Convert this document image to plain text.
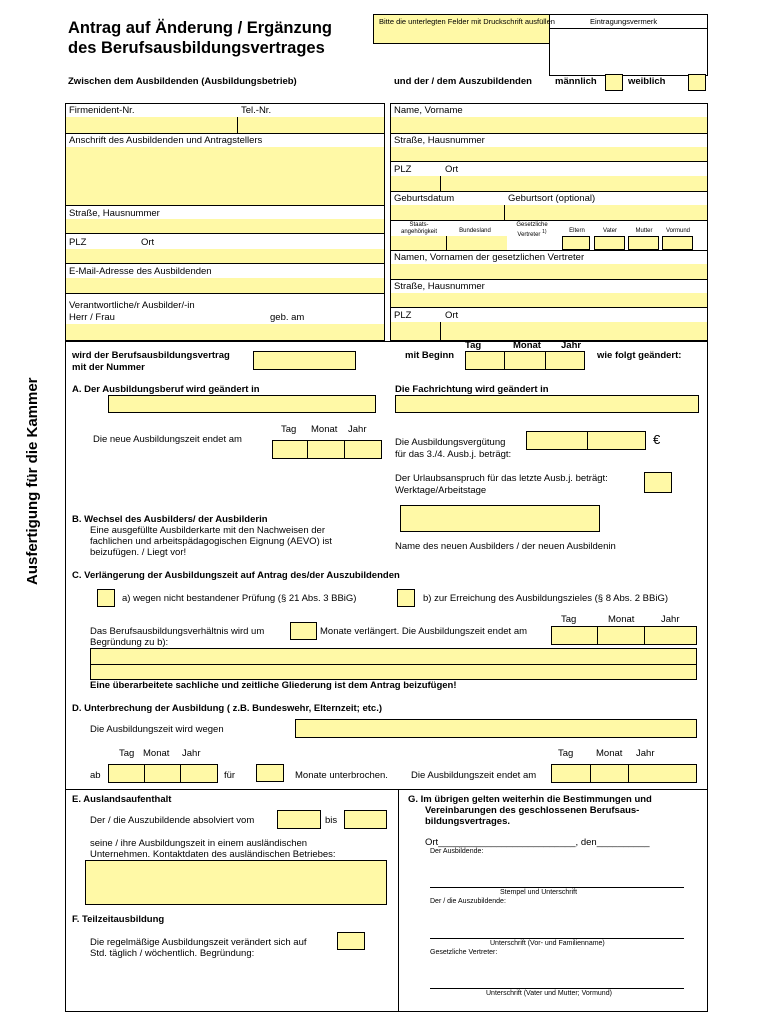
Antrag auf Änderung / Ergänzung
des Berufsausbildungsvertrages
Bitte die unterlegten Felder mit Druckschrift ausfüllen	Eintragungsvermerk
Zwischen dem Ausbildenden (Ausbildungsbetrieb)	und der / dem Auszubildenden männlich	weiblich
Firmenident-Nr.	Tel.-Nr.
Anschrift des Ausbildenden und Antragstellers
Straße, Hausnummer
PLZ	Ort
E-Mail-Adresse des Ausbildenden
Verantwortliche/r Ausbilder/-in
Herr / Frau	geb. am
Name, Vorname
Straße, Hausnummer
PLZ	Ort
Geburtsdatum	Geburtsort (optional)
Staats- angehörigkeit	Bundesland
Gesetzliche Vertreter $^{1)}$	Eltern	Vater	Mutter	Vormund
Namen, Vornamen der gesetzlichen Vertreter
Straße, Hausnummer
PLZ	Ort
Ausfertigung für die Kammer
wird der Berufsausbildungsvertrag
mit der Nummer
mit Beginn
Tag	Monat Jahr
wie folgt geändert:
A. Der Ausbildungsberuf wird geändert in	Die Fachrichtung wird geändert in
Tag Monat Jahr
Die neue Ausbildungszeit endet am	Die Ausbildungsvergütung
für das 3./4. Ausb.j. beträgt:
€
Der Urlaubsanspruch für das letzte Ausb.j. beträgt:
Werktage/Arbeitstage
B. Wechsel des Ausbilders/ der Ausbilderin
Eine ausgefüllte Ausbilderkarte mit den Nachweisen der
fachlichen und arbeitspädagogischen Eignung (AEVO) ist
beizufügen. / Liegt vor!
Name des neuen Ausbilders / der neuen Ausbildenin
C. Verlängerung der Ausbildungszeit auf Antrag des/der Auszubildenden
a) wegen nicht bestandener Prüfung (§ 21 Abs. 3 BBiG)	b) zur Erreichung des Ausbildungszieles (§ 8 Abs. 2 BBiG)
Tag	Monat	Jahr
Das Berufsausbildungsverhältnis wird um
Begründung zu b):
Monate verlängert. Die Ausbildungszeit endet am
Eine überarbeitete sachliche und zeitliche Gliederung ist dem Antrag beizufügen!
D. Unterbrechung der Ausbildung ( z.B. Bundeswehr, Elternzeit; etc.)
Die Ausbildungszeit wird wegen
Tag Monat Jahr	Tag Monat Jahr
ab	für	Monate unterbrochen. Die Ausbildungszeit endet am
E. Auslandsaufenthalt
Der / die Auszubildende absolviert vom	bis
seine / ihre Ausbildungszeit in einem ausländischen
Unternehmen. Kontaktdaten des ausländischen Betriebes:
F. Teilzeitausbildung
Die regelmäßige Ausbildungszeit verändert sich auf
Std. täglich / wöchentlich. Begründung:
G. Im übrigen gelten weiterhin die Bestimmungen und
Vereinbarungen des geschlossenen Berufsaus-
bildungsvertrages.
Ort__________________________, den__________
Der Ausbildende:
Stempel und Unterschrift
Der / die Auszubildende:
Unterschrift (Vor- und Familienname)
Gesetzliche Vertreter:
Unterschrift (Vater und Mutter; Vormund)
